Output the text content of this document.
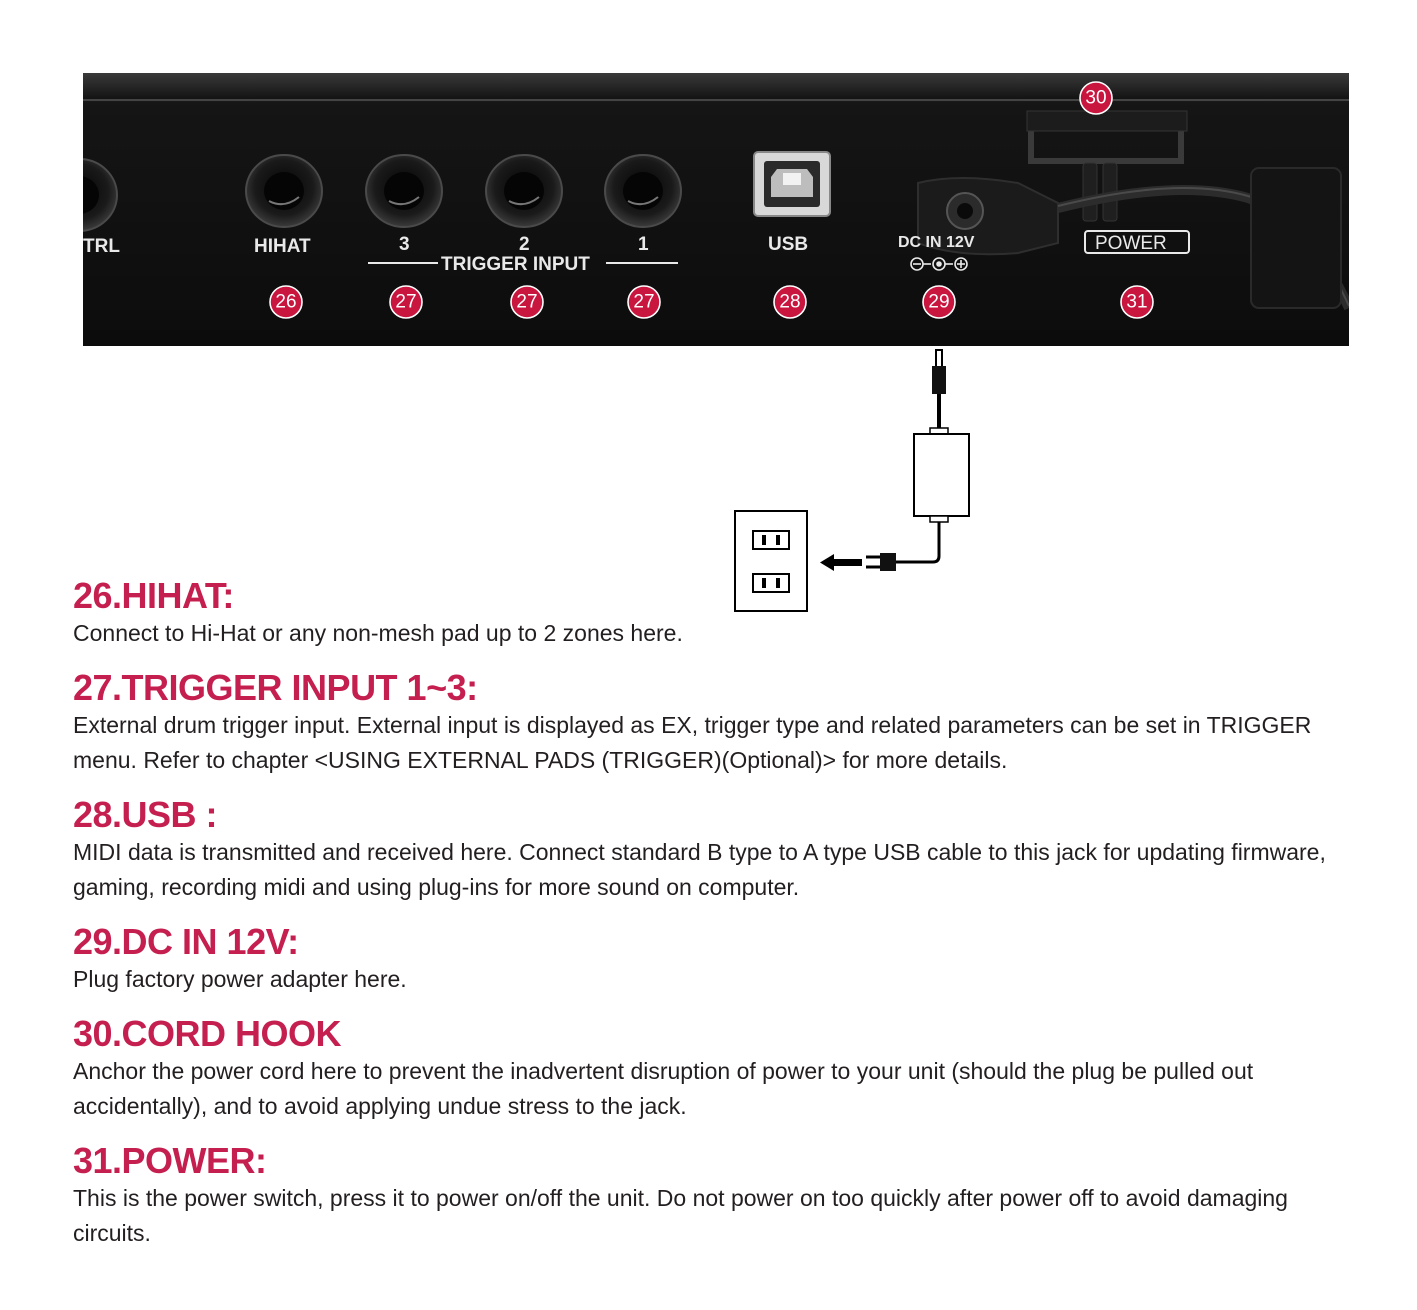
TRL	HIHAT	3	2	1
TRIGGER INPUT
USB	DC IN 12V	POWER
30
26	27	27	27	28	29	31
26.HIHAT:

Connect to Hi-Hat or any non-mesh pad up to 2 zones here.

27.TRIGGER INPUT 1~3:

External drum trigger input. External input is displayed as EX, trigger type and related parameters can be set in TRIGGER menu. Refer to chapter <USING EXTERNAL PADS (TRIGGER)(Optional)> for more details.

28.USB :

MIDI data is transmitted and received here. Connect standard B type to A type USB cable to this jack for updating firmware, gaming, recording midi and using plug-ins for more sound on computer.

29.DC IN 12V:

Plug factory power adapter here.

30.CORD HOOK

Anchor the power cord here to prevent the inadvertent disruption of power to your unit (should the plug be pulled out accidentally), and to avoid applying undue stress to the jack.

31.POWER:

This is the power switch, press it to power on/off the unit. Do not power on too quickly after power off to avoid damaging circuits.
